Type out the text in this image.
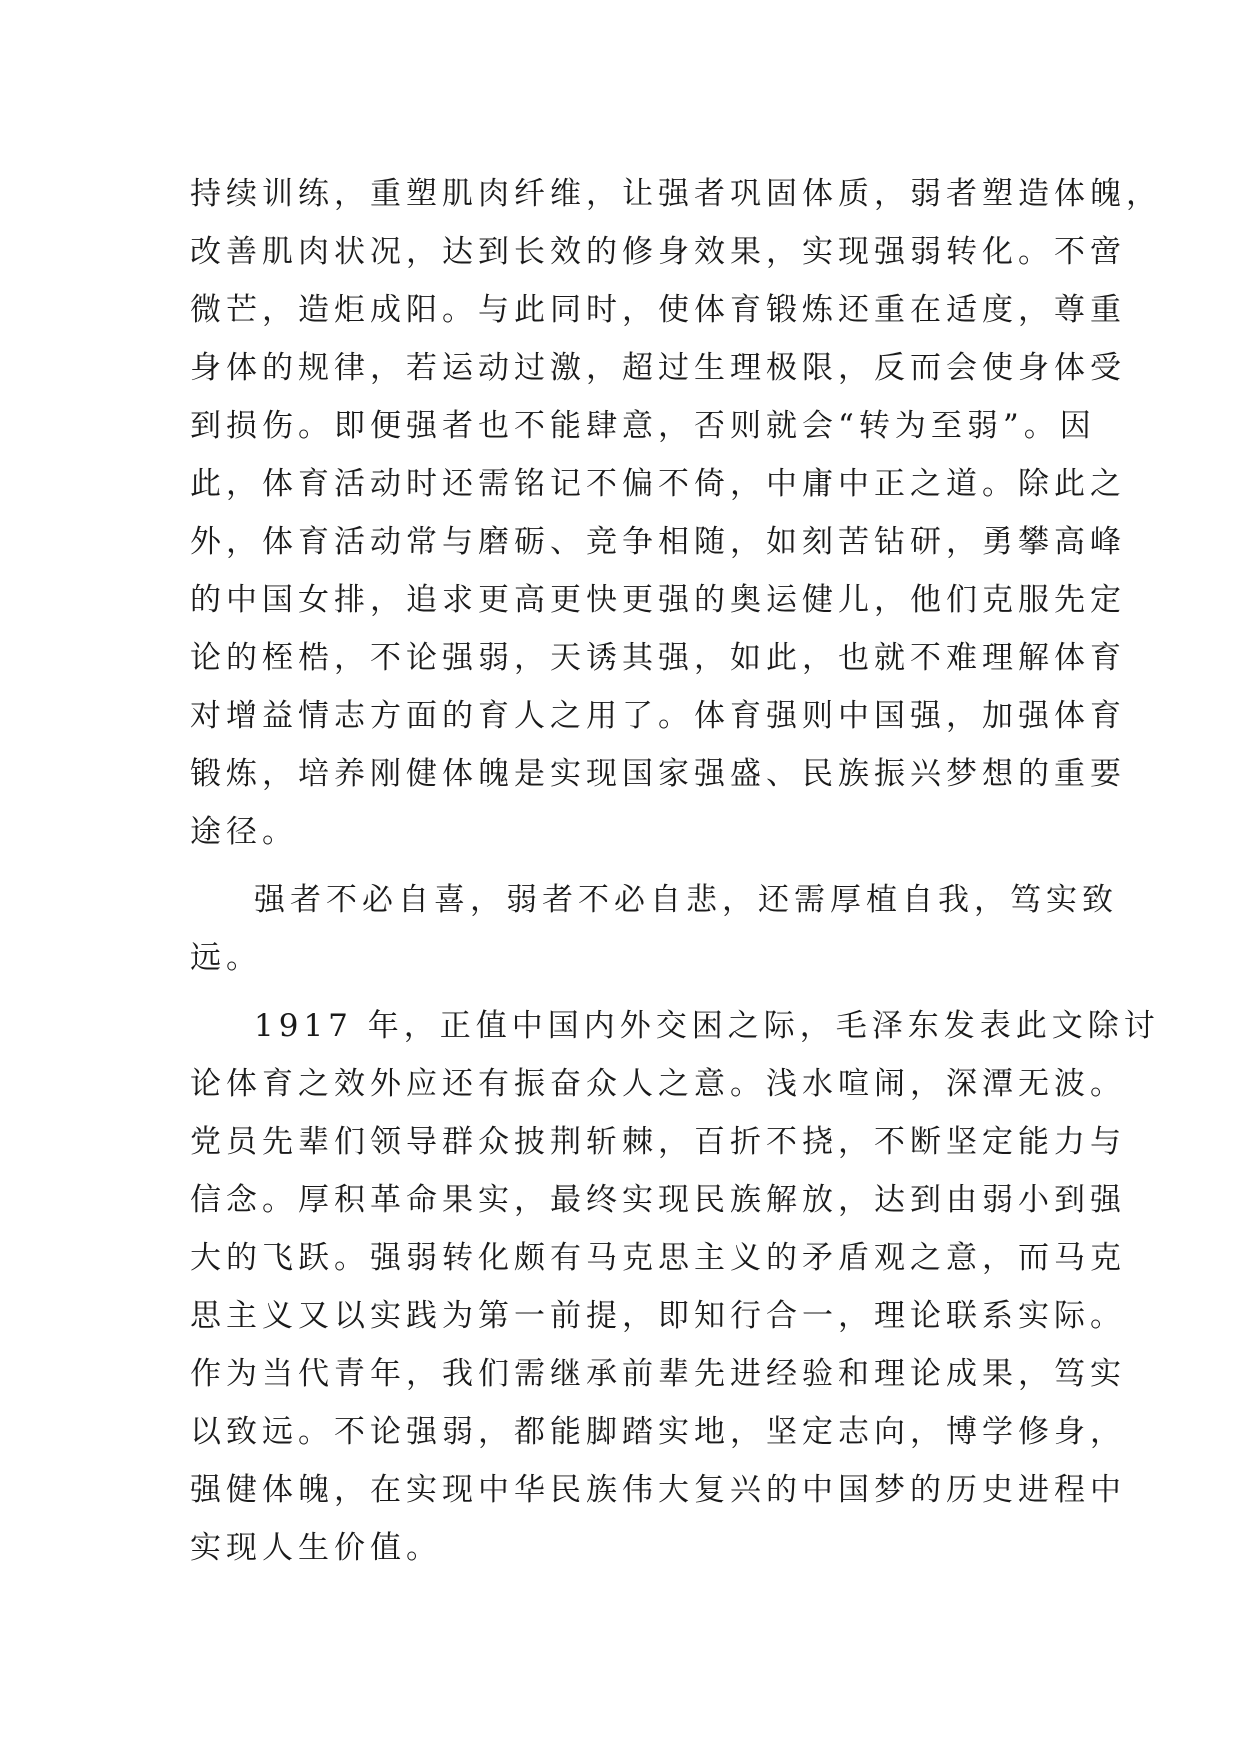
持续训练，重塑肌肉纤维，让强者巩固体质，弱者塑造体魄，
改善肌肉状况，达到长效的修身效果，实现强弱转化。不啻
微芒，造炬成阳。与此同时，使体育锻炼还重在适度，尊重
身体的规律，若运动过激，超过生理极限，反而会使身体受
到损伤。即便强者也不能肆意，否则就会“转为至弱”。因
此，体育活动时还需铭记不偏不倚，中庸中正之道。除此之
外，体育活动常与磨砺、竞争相随，如刻苦钻研，勇攀高峰
的中国女排，追求更高更快更强的奥运健儿，他们克服先定
论的桎梏，不论强弱，天诱其强，如此，也就不难理解体育
对增益情志方面的育人之用了。体育强则中国强，加强体育
锻炼，培养刚健体魄是实现国家强盛、民族振兴梦想的重要
途径。
强者不必自喜，弱者不必自悲，还需厚植自我，笃实致
远。
1917 年，正值中国内外交困之际，毛泽东发表此文除讨
论体育之效外应还有振奋众人之意。浅水喧闹，深潭无波。
党员先辈们领导群众披荆斩棘，百折不挠，不断坚定能力与
信念。厚积革命果实，最终实现民族解放，达到由弱小到强
大的飞跃。强弱转化颇有马克思主义的矛盾观之意，而马克
思主义又以实践为第一前提，即知行合一，理论联系实际。
作为当代青年，我们需继承前辈先进经验和理论成果，笃实
以致远。不论强弱，都能脚踏实地，坚定志向，博学修身，
强健体魄，在实现中华民族伟大复兴的中国梦的历史进程中
实现人生价值。
